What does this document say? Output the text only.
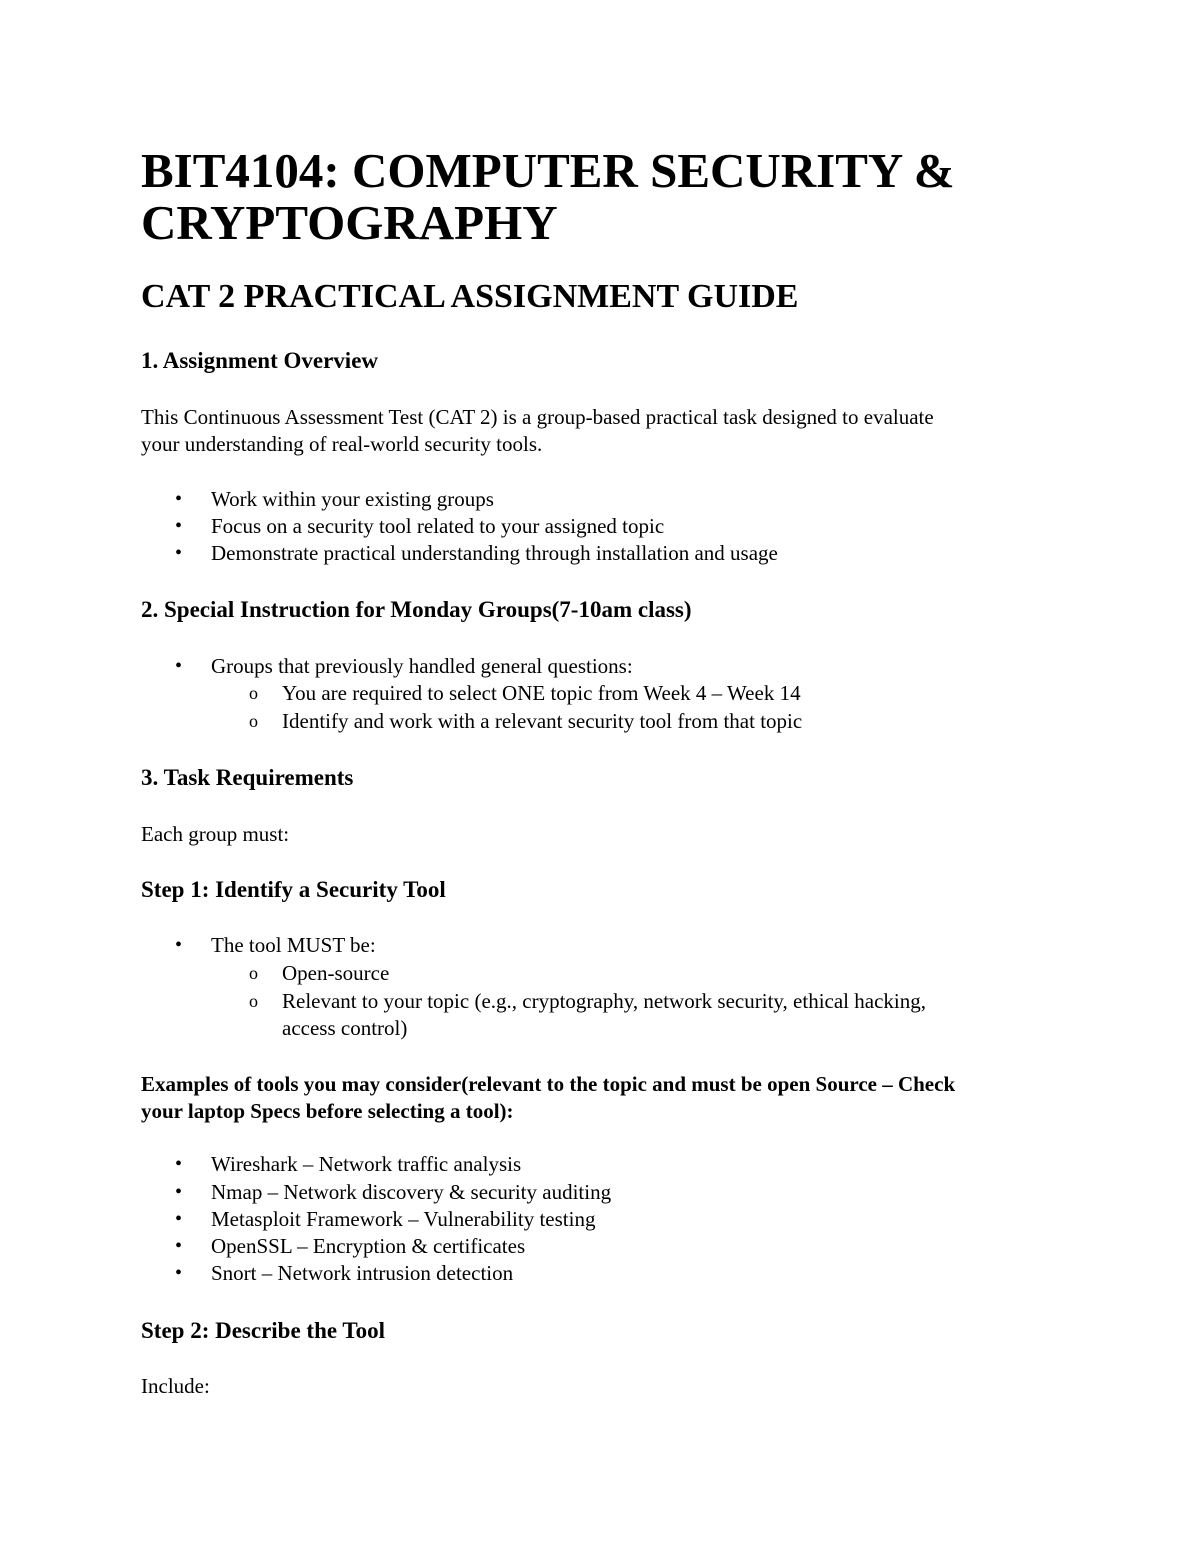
BIT4104: COMPUTER SECURITY &
CRYPTOGRAPHY
CAT 2 PRACTICAL ASSIGNMENT GUIDE
1. Assignment Overview

This Continuous Assessment Test (CAT 2) is a group-based practical task designed to evaluate

your understanding of real-world security tools.

• Work within your existing groups
• Focus on a security tool related to your assigned topic
• Demonstrate practical understanding through installation and usage
2. Special Instruction for Monday Groups(7-10am class)
• Groups that previously handled general questions:
o You are required to select ONE topic from Week 4 – Week 14
o Identify and work with a relevant security tool from that topic
3. Task Requirements

Each group must:

Step 1: Identify a Security Tool
• The tool MUST be:
o Open-source
o Relevant to your topic (e.g., cryptography, network security, ethical hacking,
access control)

Examples of tools you may consider(relevant to the topic and must be open Source – Check

your laptop Specs before selecting a tool):

• Wireshark – Network traffic analysis
• Nmap – Network discovery & security auditing
• Metasploit Framework – Vulnerability testing
• OpenSSL – Encryption & certificates
• Snort – Network intrusion detection
Step 2: Describe the Tool

Include:
